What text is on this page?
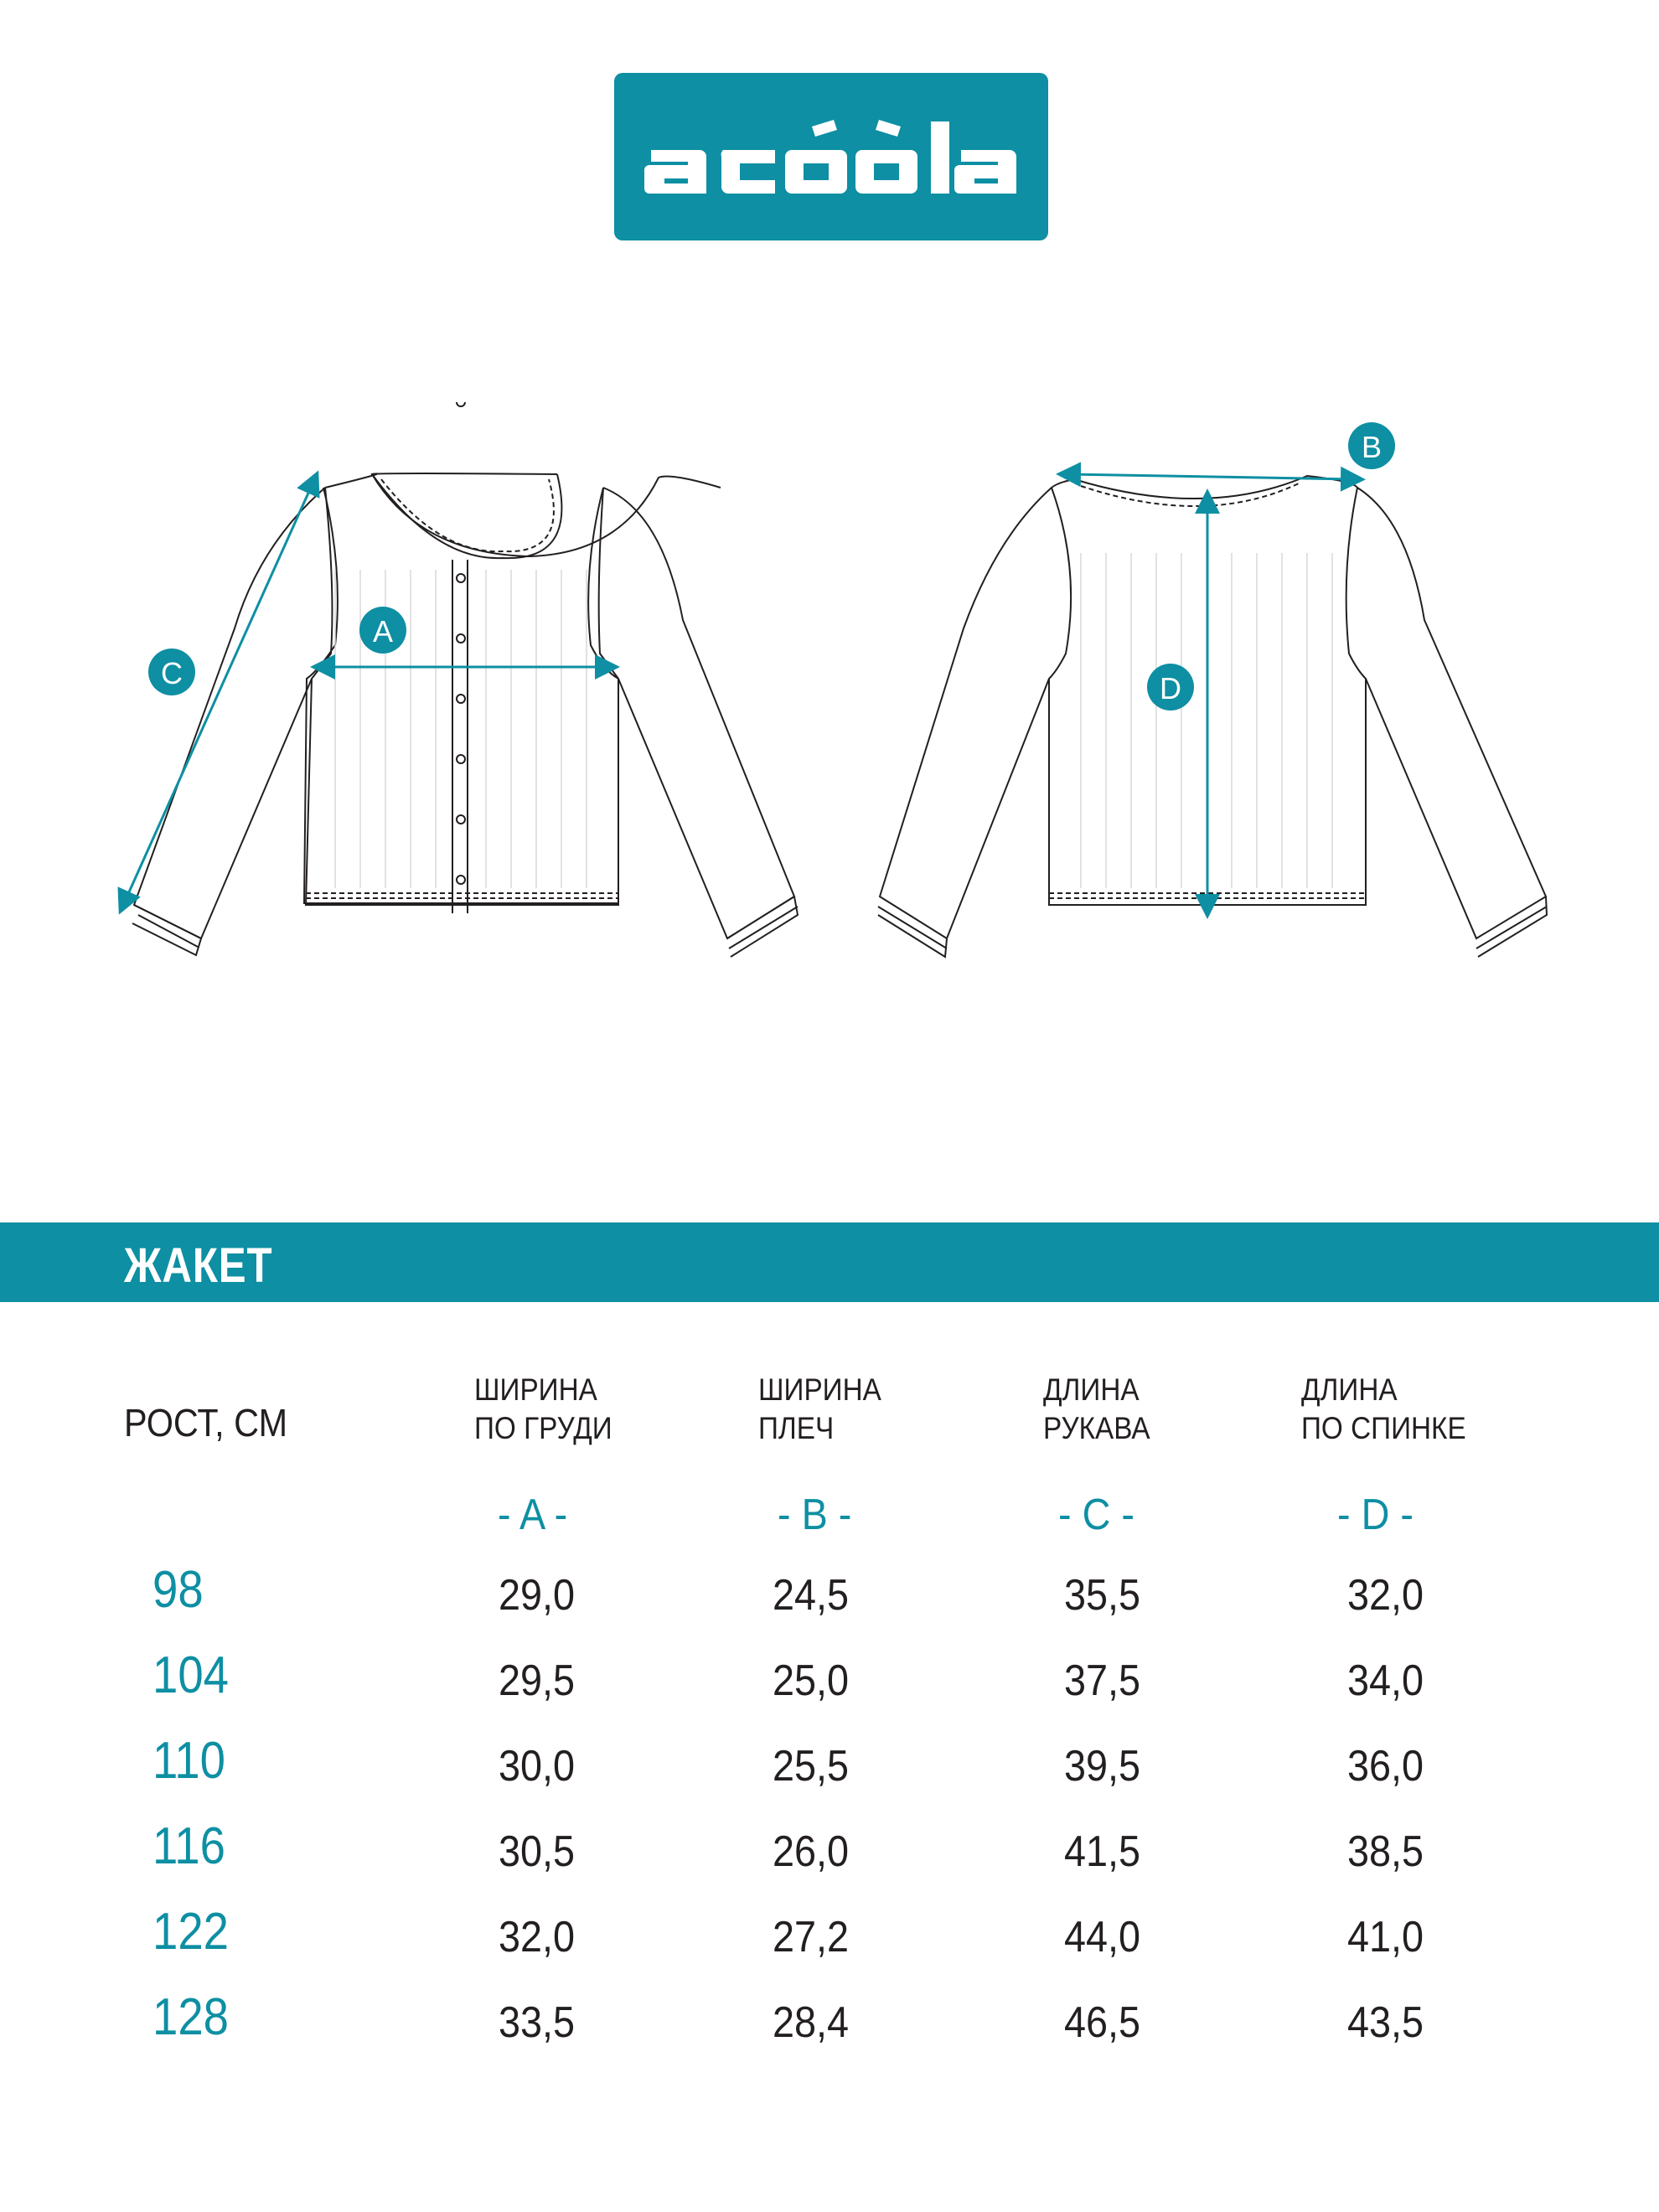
A
C
B
D
ЖАКЕТ
РОСТ, СМ
ШИРИНА
ПО ГРУДИ
ШИРИНА
ПЛЕЧ
ДЛИНА
РУКАВА
ДЛИНА
ПО СПИНКЕ
- A -	- B -	- C -	- D -
98	29,0	24,5	35,5	32,0
104	29,5	25,0	37,5	34,0
110	30,0	25,5	39,5	36,0
116	30,5	26,0	41,5	38,5
122	32,0	27,2	44,0	41,0
128	33,5	28,4	46,5	43,5
